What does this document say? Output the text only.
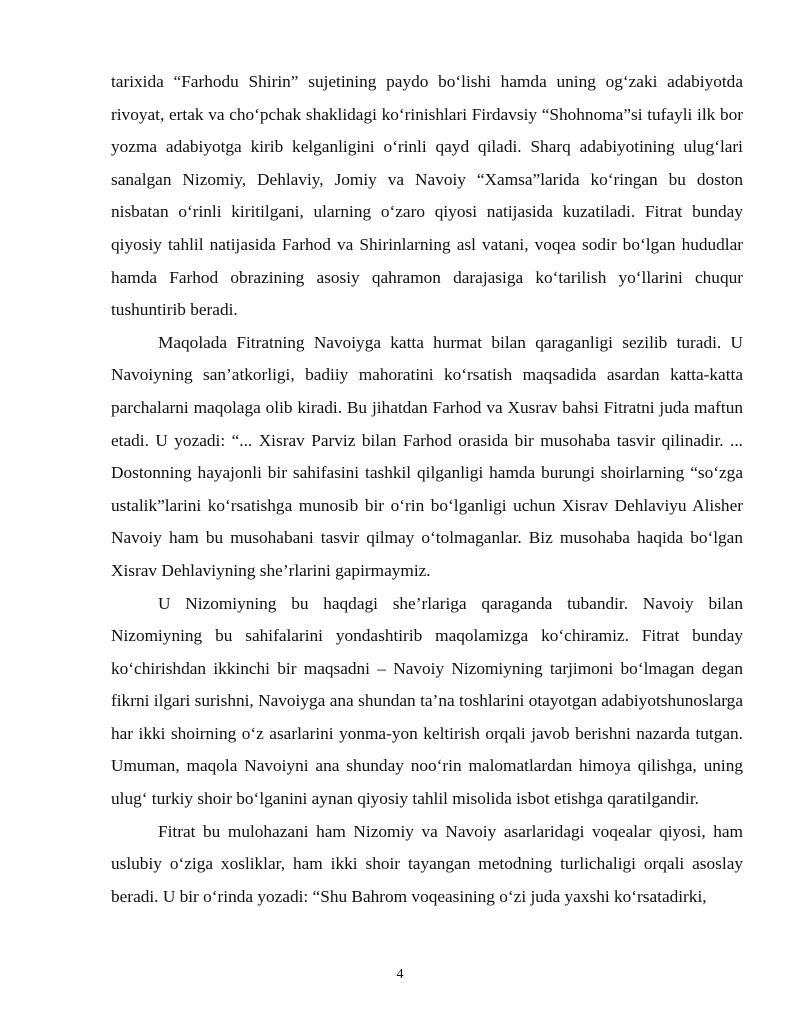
tarixida “Farhodu Shirin” sujetining paydo bo‘lishi hamda uning og‘zaki adabiyotda rivoyat, ertak va cho‘pchak shaklidagi ko‘rinishlari Firdavsiy “Shohnoma”si tufayli ilk bor yozma adabiyotga kirib kelganligini o‘rinli qayd qiladi. Sharq adabiyotining ulug‘lari sanalgan Nizomiy, Dehlaviy, Jomiy va Navoiy “Xamsa”larida ko‘ringan bu doston nisbatan o‘rinli kiritilgani, ularning o‘zaro qiyosi natijasida kuzatiladi. Fitrat bunday qiyosiy tahlil natijasida Farhod va Shirinlarning asl vatani, voqea sodir bo‘lgan hududlar hamda Farhod obrazining asosiy qahramon darajasiga ko‘tarilish yo‘llarini chuqur tushuntirib beradi.

Maqolada Fitratning Navoiyga katta hurmat bilan qaraganligi sezilib turadi. U Navoiyning san’atkorligi, badiiy mahoratini ko‘rsatish maqsadida asardan katta-katta parchalarni maqolaga olib kiradi. Bu jihatdan Farhod va Xusrav bahsi Fitratni juda maftun etadi. U yozadi: “... Xisrav Parviz bilan Farhod orasida bir musohaba tasvir qilinadir. ... Dostonning hayajonli bir sahifasini tashkil qilganligi hamda burungi shoirlarning “so‘zga ustalik”larini ko‘rsatishga munosib bir o‘rin bo‘lganligi uchun Xisrav Dehlaviyu Alisher Navoiy ham bu musohabani tasvir qilmay o‘tolmaganlar. Biz musohaba haqida bo‘lgan Xisrav Dehlaviyning she’rlarini gapirmaymiz.

U Nizomiyning bu haqdagi she’rlariga qaraganda tubandir. Navoiy bilan Nizomiyning bu sahifalarini yondashtirib maqolamizga ko‘chiramiz. Fitrat bunday ko‘chirishdan ikkinchi bir maqsadni – Navoiy Nizomiyning tarjimoni bo‘lmagan degan fikrni ilgari surishni, Navoiyga ana shundan ta’na toshlarini otayotgan adabiyotshunoslarga har ikki shoirning o‘z asarlarini yonma-yon keltirish orqali javob berishni nazarda tutgan. Umuman, maqola Navoiyni ana shunday noo‘rin malomatlardan himoya qilishga, uning ulug‘ turkiy shoir bo‘lganini aynan qiyosiy tahlil misolida isbot etishga qaratilgandir.

Fitrat bu mulohazani ham Nizomiy va Navoiy asarlaridagi voqealar qiyosi, ham uslubiy o‘ziga xosliklar, ham ikki shoir tayangan metodning turlichaligi orqali asoslay beradi. U bir o‘rinda yozadi: “Shu Bahrom voqeasining o‘zi juda yaxshi ko‘rsatadirki,

4
